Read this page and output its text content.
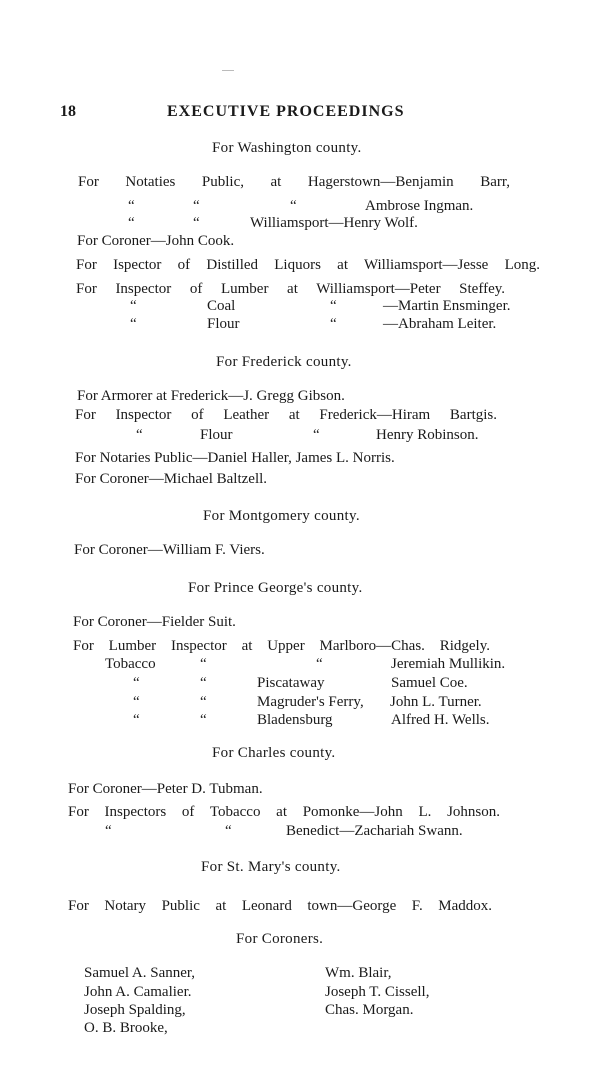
18	EXECUTIVE PROCEEDINGS
For Washington county.
For Notaties Public, at Hagerstown—Benjamin Barr,
“	“	“	Ambrose Ingman.
“	“	Williamsport—Henry Wolf.
For Coroner—John Cook.
For Ispector of Distilled Liquors at Williamsport—Jesse Long.
For Inspector of Lumber at Williamsport—Peter Steffey.
“	Coal	“	—Martin Ensminger.
“	Flour	“	—Abraham Leiter.
For Frederick county.
For Armorer at Frederick—J. Gregg Gibson.
For Inspector of Leather at Frederick—Hiram Bartgis.
“	Flour	“	Henry Robinson.
For Notaries Public—Daniel Haller, James L. Norris.
For Coroner—Michael Baltzell.
For Montgomery county.
For Coroner—William F. Viers.
For Prince George's county.
For Coroner—Fielder Suit.
For Lumber Inspector at Upper Marlboro—Chas. Ridgely.
Tobacco	“	“	Jeremiah Mullikin.
“	“	Piscataway	Samuel Coe.
“	“	Magruder's Ferry, John L. Turner.
“	“	Bladensburg	Alfred H. Wells.
For Charles county.
For Coroner—Peter D. Tubman.
For Inspectors of Tobacco at Pomonke—John L. Johnson.
“	“	Benedict—Zachariah Swann.
For St. Mary's county.
For Notary Public at Leonard town—George F. Maddox.
For Coroners.
Samuel A. Sanner,	Wm. Blair,
John A. Camalier.	Joseph T. Cissell,
Joseph Spalding,	Chas. Morgan.
O. B. Brooke,
